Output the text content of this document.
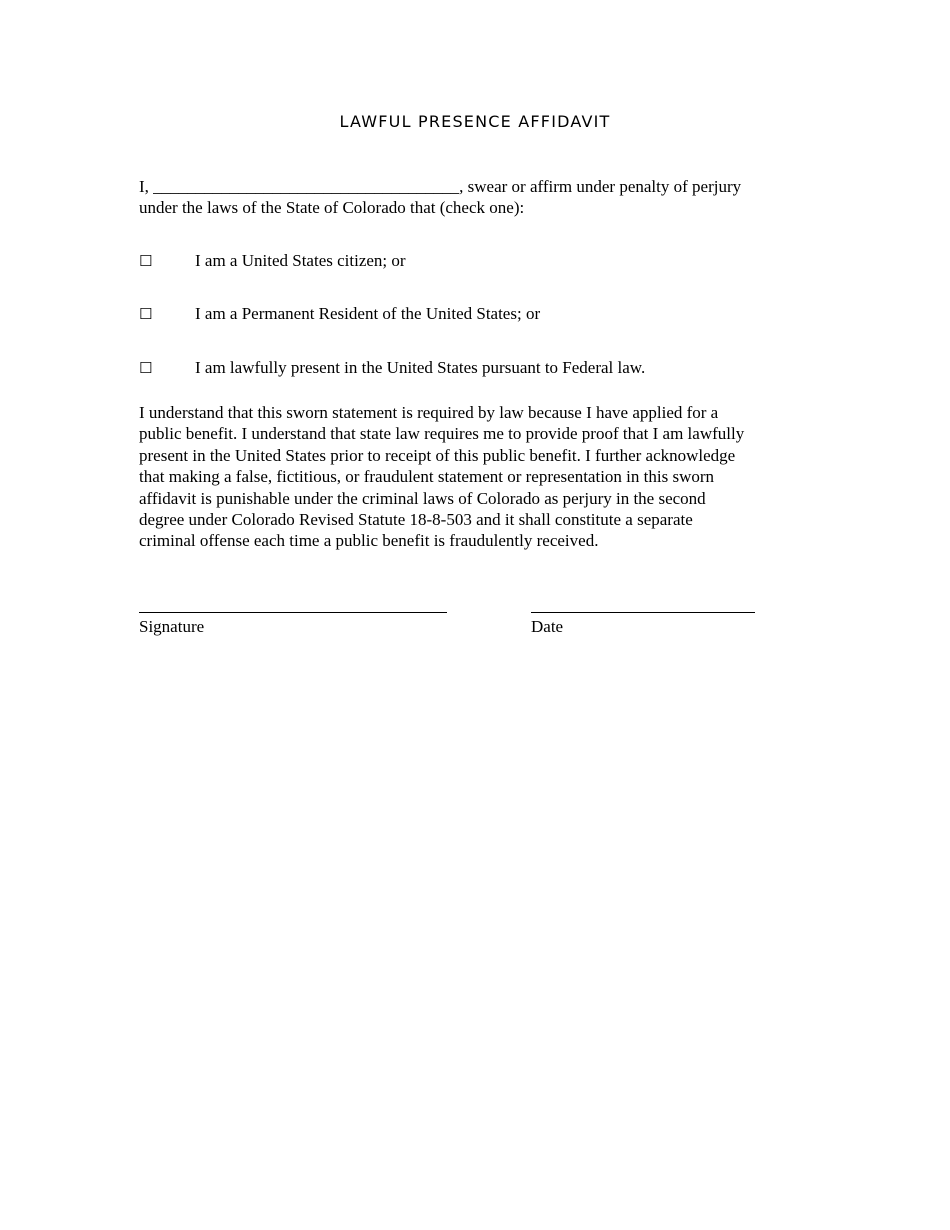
LAWFUL PRESENCE AFFIDAVIT
I, ____________________________________, swear or affirm under penalty of perjury
under the laws of the State of Colorado that (check one):
☐	I am a United States citizen; or
☐	I am a Permanent Resident of the United States; or
☐	I am lawfully present in the United States pursuant to Federal law.
I understand that this sworn statement is required by law because I have applied for a
public benefit. I understand that state law requires me to provide proof that I am lawfully
present in the United States prior to receipt of this public benefit. I further acknowledge
that making a false, fictitious, or fraudulent statement or representation in this sworn
affidavit is punishable under the criminal laws of Colorado as perjury in the second
degree under Colorado Revised Statute 18-8-503 and it shall constitute a separate
criminal offense each time a public benefit is fraudulently received.
Signature	Date
